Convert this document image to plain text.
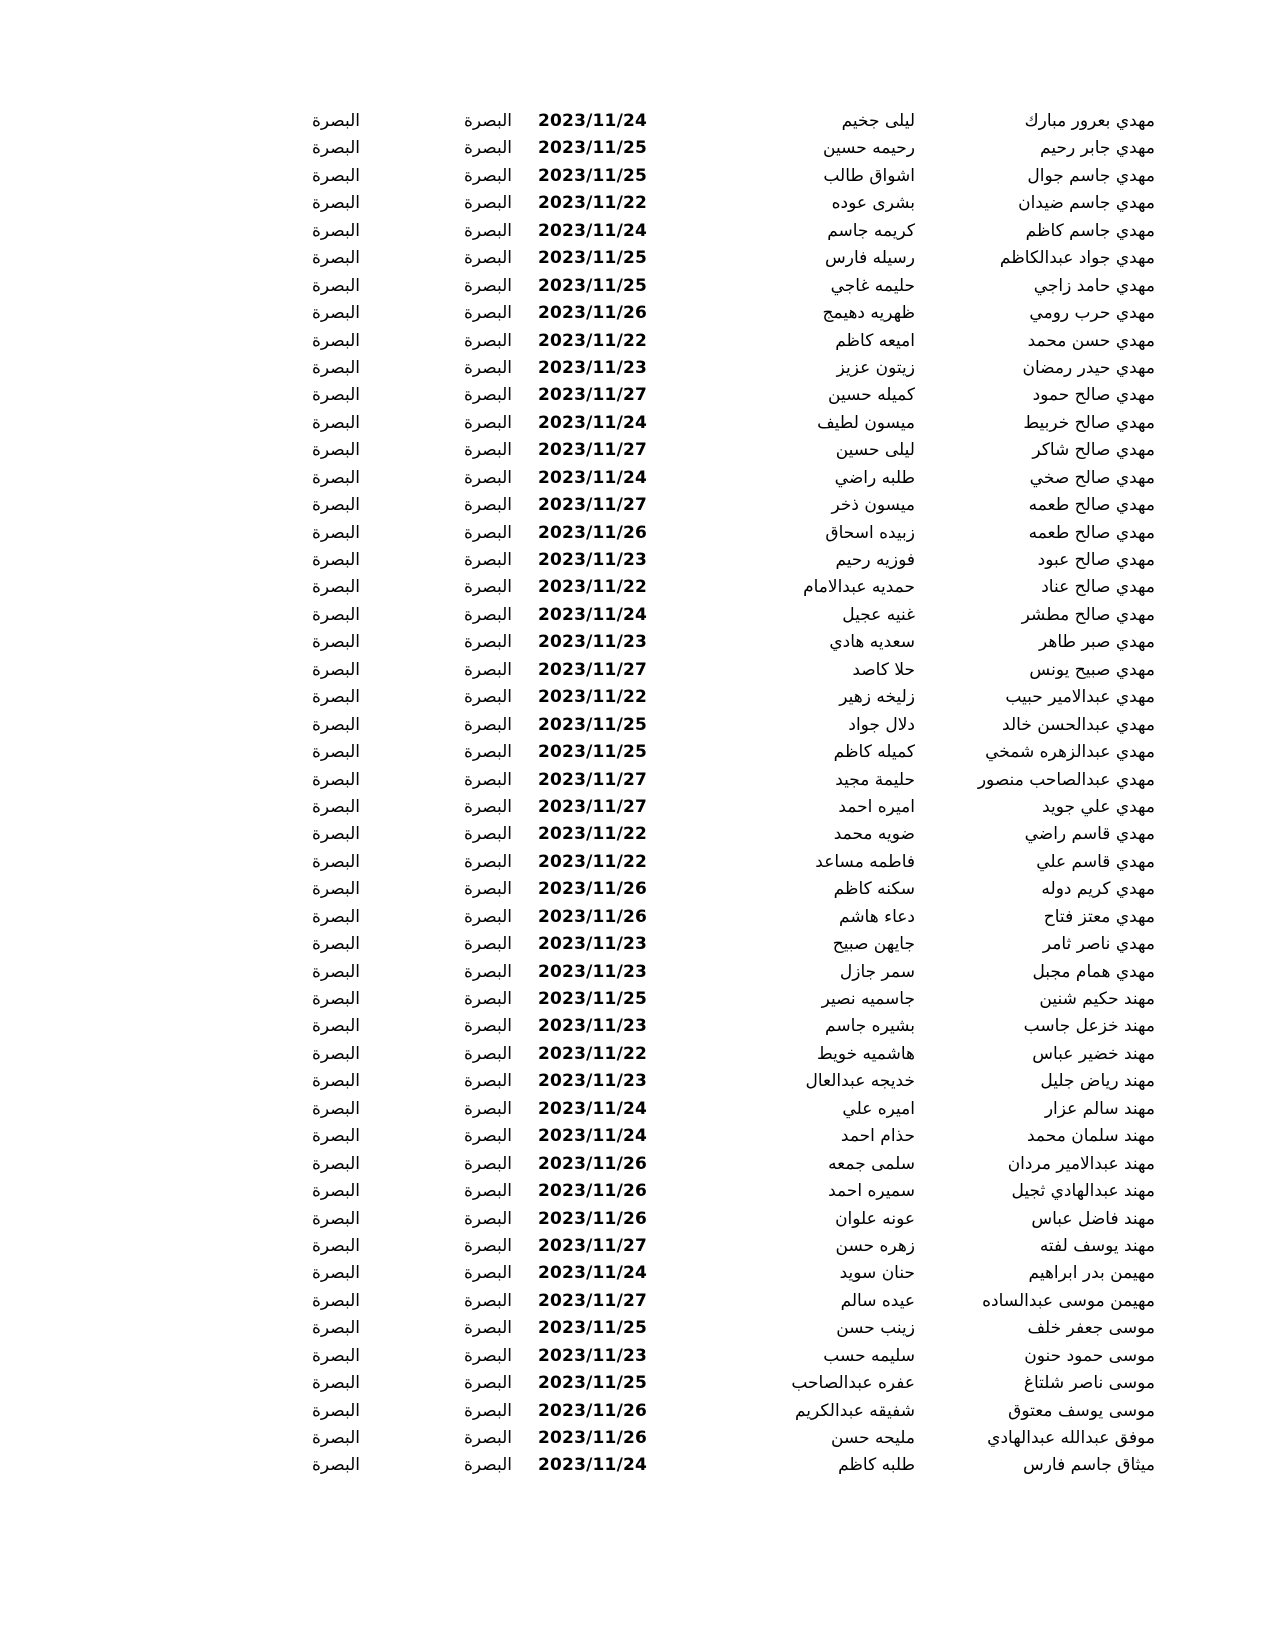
مهدي بعرور مبارك
ليلى جخيم
2023/11/24
البصرة
البصرة
مهدي جابر رحيم
رحيمه حسين
2023/11/25
البصرة
البصرة
مهدي جاسم جوال
اشواق طالب
2023/11/25
البصرة
البصرة
مهدي جاسم ضيدان
بشرى عوده
2023/11/22
البصرة
البصرة
مهدي جاسم كاظم
كريمه جاسم
2023/11/24
البصرة
البصرة
مهدي جواد عبدالكاظم
رسيله فارس
2023/11/25
البصرة
البصرة
مهدي حامد زاجي
حليمه غاجي
2023/11/25
البصرة
البصرة
مهدي حرب رومي
ظهريه دهيمج
2023/11/26
البصرة
البصرة
مهدي حسن محمد
اميعه كاظم
2023/11/22
البصرة
البصرة
مهدي حيدر رمضان
زيتون عزيز
2023/11/23
البصرة
البصرة
مهدي صالح حمود
كميله حسين
2023/11/27
البصرة
البصرة
مهدي صالح خربيط
ميسون لطيف
2023/11/24
البصرة
البصرة
مهدي صالح شاكر
ليلى حسين
2023/11/27
البصرة
البصرة
مهدي صالح صخي
طلبه راضي
2023/11/24
البصرة
البصرة
مهدي صالح طعمه
ميسون ذخر
2023/11/27
البصرة
البصرة
مهدي صالح طعمه
زبيده اسحاق
2023/11/26
البصرة
البصرة
مهدي صالح عبود
فوزيه رحيم
2023/11/23
البصرة
البصرة
مهدي صالح عناد
حمديه عبدالامام
2023/11/22
البصرة
البصرة
مهدي صالح مطشر
غنيه عجيل
2023/11/24
البصرة
البصرة
مهدي صبر طاهر
سعديه هادي
2023/11/23
البصرة
البصرة
مهدي صبيح يونس
حلا كاصد
2023/11/27
البصرة
البصرة
مهدي عبدالامير حبيب
زليخه زهير
2023/11/22
البصرة
البصرة
مهدي عبدالحسن خالد
دلال جواد
2023/11/25
البصرة
البصرة
مهدي عبدالزهره شمخي
كميله كاظم
2023/11/25
البصرة
البصرة
مهدي عبدالصاحب منصور
حليمة مجيد
2023/11/27
البصرة
البصرة
مهدي علي جويد
اميره احمد
2023/11/27
البصرة
البصرة
مهدي قاسم راضي
ضويه محمد
2023/11/22
البصرة
البصرة
مهدي قاسم علي
فاطمه مساعد
2023/11/22
البصرة
البصرة
مهدي كريم دوله
سكنه كاظم
2023/11/26
البصرة
البصرة
مهدي معتز فتاح
دعاء هاشم
2023/11/26
البصرة
البصرة
مهدي ناصر ثامر
جايهن صبيح
2023/11/23
البصرة
البصرة
مهدي همام مجبل
سمر جازل
2023/11/23
البصرة
البصرة
مهند حكيم شنين
جاسميه نصير
2023/11/25
البصرة
البصرة
مهند خزعل جاسب
بشيره جاسم
2023/11/23
البصرة
البصرة
مهند خضير عباس
هاشميه خويط
2023/11/22
البصرة
البصرة
مهند رياض جليل
خديجه عبدالعال
2023/11/23
البصرة
البصرة
مهند سالم عزار
اميره علي
2023/11/24
البصرة
البصرة
مهند سلمان محمد
حذام احمد
2023/11/24
البصرة
البصرة
مهند عبدالامير مردان
سلمى جمعه
2023/11/26
البصرة
البصرة
مهند عبدالهادي ثجيل
سميره احمد
2023/11/26
البصرة
البصرة
مهند فاضل عباس
عونه علوان
2023/11/26
البصرة
البصرة
مهند يوسف لفته
زهره حسن
2023/11/27
البصرة
البصرة
مهيمن بدر ابراهيم
حنان سويد
2023/11/24
البصرة
البصرة
مهيمن موسى عبدالساده
عيده سالم
2023/11/27
البصرة
البصرة
موسى جعفر خلف
زينب حسن
2023/11/25
البصرة
البصرة
موسى حمود حنون
سليمه حسب
2023/11/23
البصرة
البصرة
موسى ناصر شلتاغ
عفره عبدالصاحب
2023/11/25
البصرة
البصرة
موسى يوسف معتوق
شفيقه عبدالكريم
2023/11/26
البصرة
البصرة
موفق عبدالله عبدالهادي
مليحه حسن
2023/11/26
البصرة
البصرة
ميثاق جاسم فارس
طلبه كاظم
2023/11/24
البصرة
البصرة
